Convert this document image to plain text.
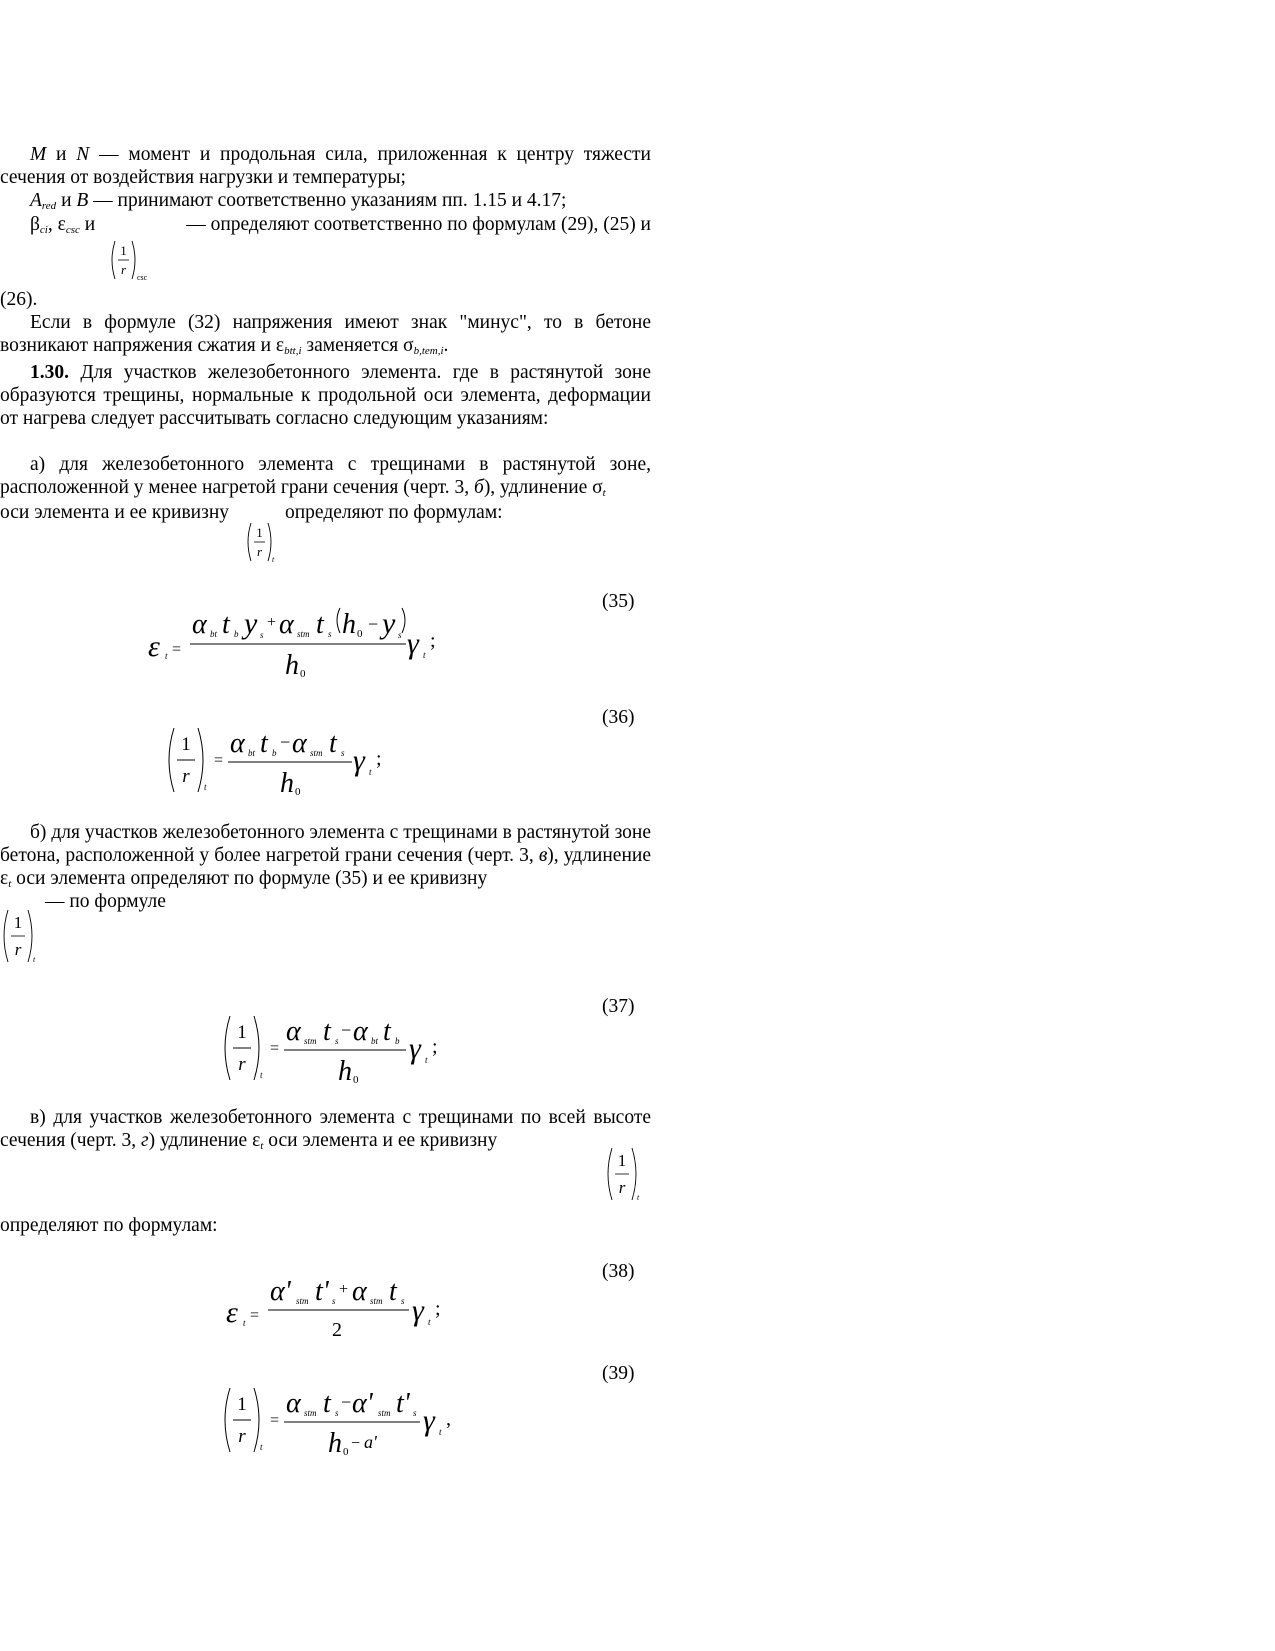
M и N — момент и продольная сила, приложенная к центру тяжести сечения от воздействия нагрузки и температуры;
$A_{red}$ и B — принимают соответственно указаниям пп. 1.15 и 4.17;
$\beta_{ci}$, $\varepsilon_{csc}$ и	— определяют соответственно по формулам (29), (25) и
1
r
csc
(26).
Если в формуле (32) напряжения имеют знак "минус", то в бетоне возникают напряжения сжатия и $\varepsilon_{btt,i}$ заменяется $\sigma_{b,tem,i}$.
1.30. Для участков железобетонного элемента. где в растянутой зоне образуются трещины, нормальные к продольной оси элемента, деформации от нагрева следует рассчитывать согласно следующим указаниям:
а) для железобетонного элемента с трещинами в растянутой зоне, расположенной у менее нагретой грани сечения (черт. 3, б), удлинение $\sigma_t$
оси элемента и ее кривизну	определяют по формулам:
1
r
t
(35)
ε t =
α bt t b y s
+ α stm t s h 0 − y s
h 0
γ t
;
(36)
1
r t
=
α bt t b
− α stm t s
h 0
γ t
;
б) для участков железобетонного элемента с трещинами в растянутой зоне бетона, расположенной у более нагретой грани сечения (черт. 3, в), удлинение $\varepsilon_t$ оси элемента определяют по формуле (35) и ее кривизну
— по формуле
1
r
t
(37)
1
r t
=
α stm t s
− α bt t b
h 0
γ t
;
в) для участков железобетонного элемента с трещинами по всей высоте сечения (черт. 3, г) удлинение $\varepsilon_t$ оси элемента и ее кривизну
1
r
t
определяют по формулам:
(38)
ε t =
α' stm t' s
+ α stm t s
2
γ t
;
(39)
1
r t
=
α stm t s
− α' stm t' s
h 0 − a'
γ t
,
